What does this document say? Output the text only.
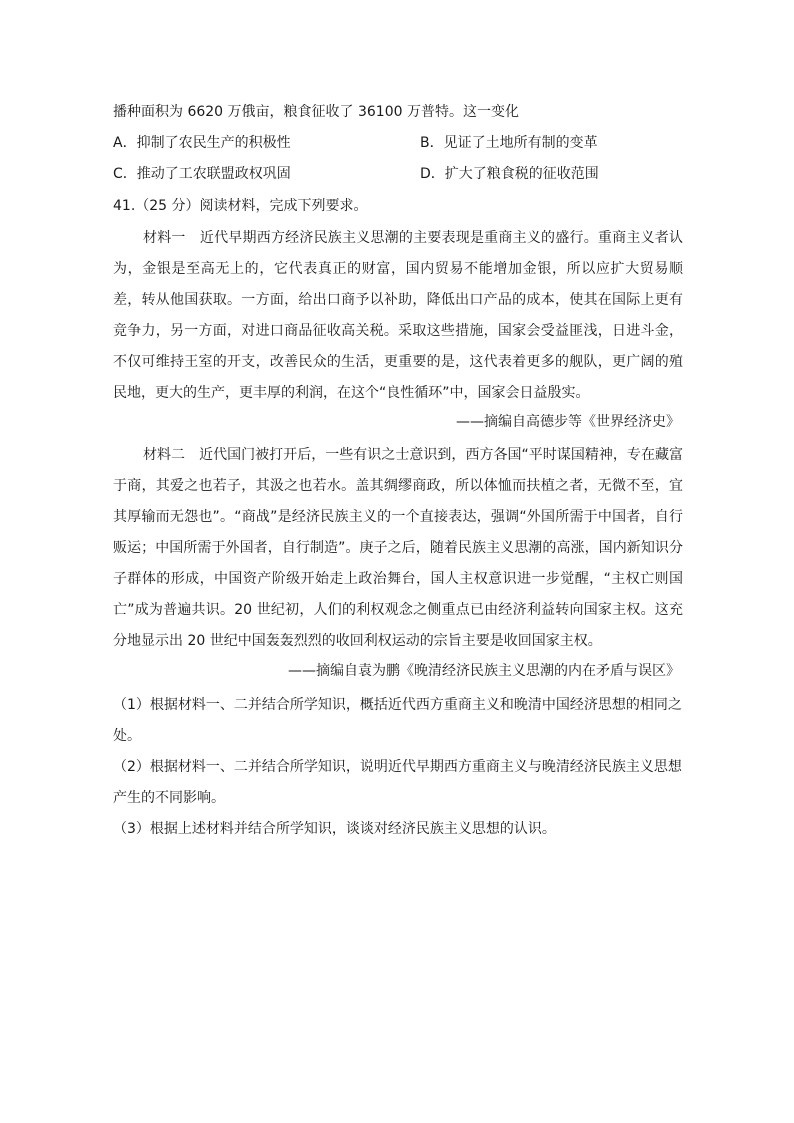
播种面积为 6620 万俄亩，粮食征收了 36100 万普特。这一变化
A．抑制了农民生产的积极性	B．见证了土地所有制的变革
C．推动了工农联盟政权巩固	D．扩大了粮食税的征收范围
41.（25 分）阅读材料，完成下列要求。

材料一　近代早期西方经济民族主义思潮的主要表现是重商主义的盛行。重商主义者认为，金银是至高无上的，它代表真正的财富，国内贸易不能增加金银，所以应扩大贸易顺差，转从他国获取。一方面，给出口商予以补助，降低出口产品的成本，使其在国际上更有竞争力，另一方面，对进口商品征收高关税。采取这些措施，国家会受益匪浅，日进斗金，不仅可维持王室的开支，改善民众的生活，更重要的是，这代表着更多的舰队，更广阔的殖民地，更大的生产，更丰厚的利润，在这个“良性循环”中，国家会日益殷实。

——摘编自高德步等《世界经济史》

材料二　近代国门被打开后，一些有识之士意识到，西方各国“平时谋国精神，专在藏富于商，其爱之也若子，其汲之也若水。盖其绸缪商政，所以体恤而扶植之者，无微不至，宜其厚输而无怨也”。“商战”是经济民族主义的一个直接表达，强调“外国所需于中国者，自行贩运；中国所需于外国者，自行制造”。庚子之后，随着民族主义思潮的高涨，国内新知识分子群体的形成，中国资产阶级开始走上政治舞台，国人主权意识进一步觉醒，“主权亡则国亡”成为普遍共识。20 世纪初，人们的利权观念之侧重点已由经济利益转向国家主权。这充分地显示出 20 世纪中国轰轰烈烈的收回利权运动的宗旨主要是收回国家主权。

——摘编自袁为鹏《晚清经济民族主义思潮的内在矛盾与误区》

（1）根据材料一、二并结合所学知识，概括近代西方重商主义和晚清中国经济思想的相同之处。

（2）根据材料一、二并结合所学知识，说明近代早期西方重商主义与晚清经济民族主义思想产生的不同影响。

（3）根据上述材料并结合所学知识，谈谈对经济民族主义思想的认识。
